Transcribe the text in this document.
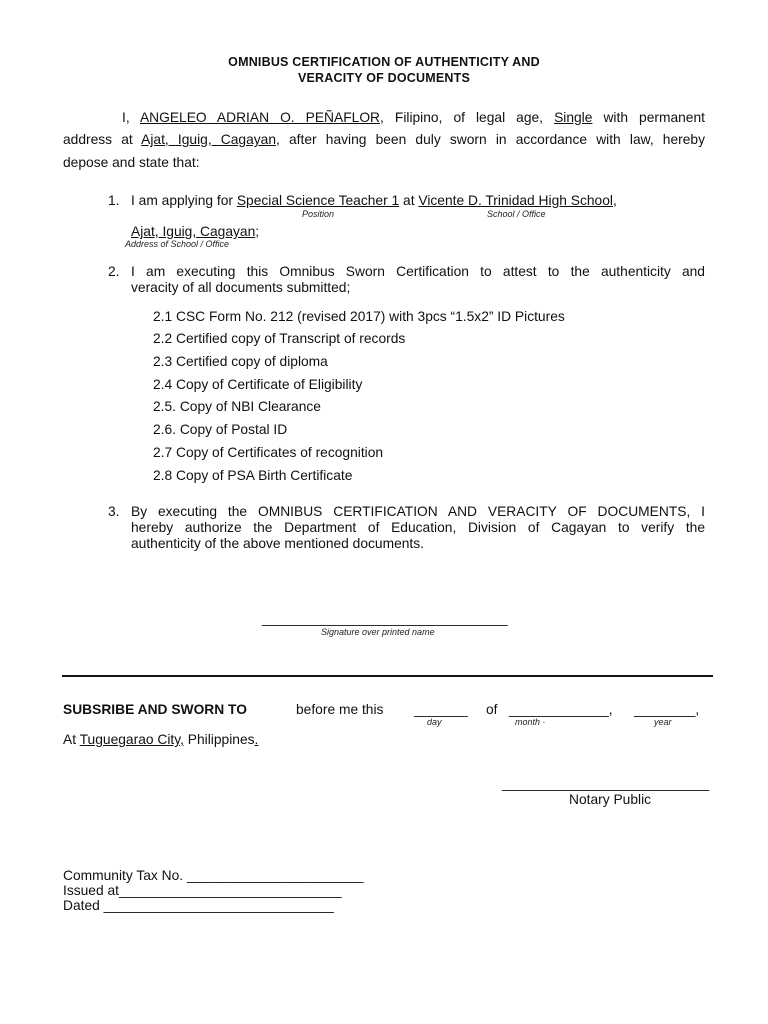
OMNIBUS CERTIFICATION OF AUTHENTICITY AND
VERACITY OF DOCUMENTS
I, ANGELEO ADRIAN O. PEÑAFLOR, Filipino, of legal age, Single with permanent
address at Ajat, Iguig, Cagayan, after having been duly sworn in accordance with law, hereby
depose and state that:
1. I am applying for Special Science Teacher 1 at Vicente D. Trinidad High School,
Position	School / Office
Ajat, Iguig, Cagayan;
Address of School / Office
2. I am executing this Omnibus Sworn Certification to attest to the authenticity and
veracity of all documents submitted;
2.1 CSC Form No. 212 (revised 2017) with 3pcs “1.5x2” ID Pictures
2.2 Certified copy of Transcript of records
2.3 Certified copy of diploma
2.4 Copy of Certificate of Eligibility
2.5. Copy of NBI Clearance
2.6. Copy of Postal ID
2.7 Copy of Certificates of recognition
2.8 Copy of PSA Birth Certificate
3. By executing the OMNIBUS CERTIFICATION AND VERACITY OF DOCUMENTS, I
hereby authorize the Department of Education, Division of Cagayan to verify the
authenticity of the above mentioned documents.
________________________________
Signature over printed name
SUBSRIBE AND SWORN TO	before me this _______ of _____________, ________,
day	month .	year
At Tuguegarao City, Philippines.
___________________________
Notary Public
Community Tax No. _______________________
Issued at_____________________________
Dated ______________________________
